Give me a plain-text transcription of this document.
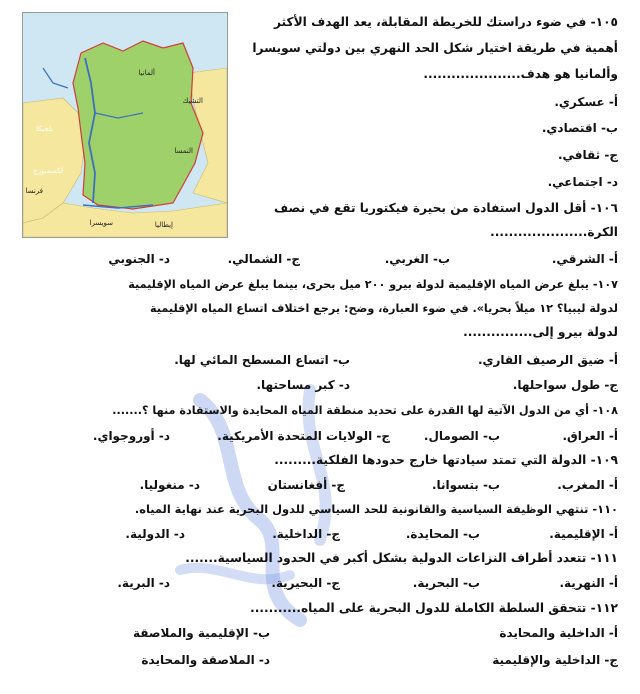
ألمانيا
النمسا
التشيك
بلجيكا
لكسمبورج
فرنسا
سويسرا	إيطاليا
١٠٥- في ضوء دراستك للخريطة المقابلة، يعد الهدف الأكثر
أهمية في طريقة اختيار شكل الحد النهري بين دولتي سويسرا
وألمانيا هو هدف.....................
أ- عسكري.
ب- اقتصادي.
ج- ثقافي.
د- اجتماعي.
١٠٦- أقل الدول استفادة من بحيرة فيكتوريا تقع في نصف
الكرة.....................
أ- الشرقي.
ب- الغربي.
ج- الشمالي.
د- الجنوبي
١٠٧- يبلغ عرض المياه الإقليمية لدولة بيرو ٢٠٠ ميل بحرى، بينما يبلغ عرض المياه الإقليمية
لدولة ليبيا؟ ١٢ ميلاً بحريا». في ضوء العبارة، وضح: يرجع اختلاف اتساع المياه الإقليمية
لدولة بيرو إلى...............
أ- ضيق الرصيف القاري.
ب- اتساع المسطح المائي لها.
ج- طول سواحلها.
د- كبر مساحتها.
١٠٨- أي من الدول الآتية لها القدرة على تحديد منطقة المياه المحايدة والاستفادة منها ؟.......
أ- العراق.
ب- الصومال.
ج- الولايات المتحدة الأمريكية.
د- أوروجواي.
١٠٩- الدولة التي تمتد سيادتها خارج حدودها الفلكية.........
أ- المغرب.
ب- بتسوانا.
ج- أفغانستان
د- منغوليا.
١١٠- تنتهي الوظيفة السياسية والقانونية للحد السياسي للدول البحرية عند نهاية المياه.
أ- الإقليمية.
ب- المحايدة.
ج- الداخلية.
د- الدولية.
١١١- تتعدد أطراف النزاعات الدولية بشكل أكبر في الحدود السياسية.......
أ- النهرية.
ب- البحرية.
ج- البحيرية.
د- البرية.
١١٢- تتحقق السلطة الكاملة للدول البحرية على المياه...........
أ- الداخلية والمحايدة
ب- الإقليمية والملاصقة
ج- الداخلية والإقليمية
د- الملاصقة والمحايدة
